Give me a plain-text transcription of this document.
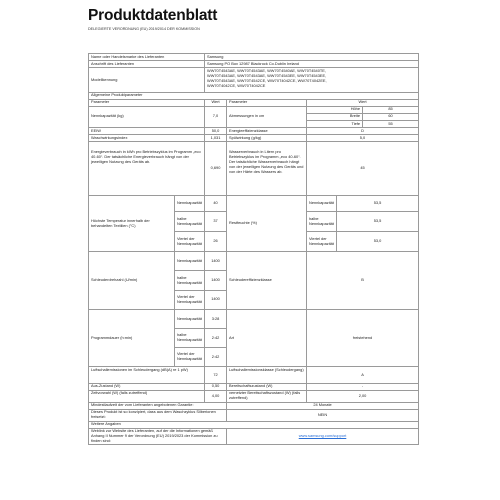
Produktdatenblatt
DELEGIERTE VERORDNUNG (EU) 2019/2014 DER KOMMISSION
Name oder Handelsmarke des Lieferanten	Samsung
Anschrift des Lieferanten	Samsung PO Box 12987 Blackrock Co.Dublin Ireland
Modellkennung	
WW70T4543AE, WW70T4543AE, WW70T4540AE, WW70T4540TE,
WW70T4543AE, WW70T4543AE, WW70T4543EE, WW70T4543EE,
WW70T4543AE, WW70T4542CE, WW70T4042CE, WW70T4042EE,
WW70T4042CE, WW70T4042CE

Allgemeine Produktparameter
Parameter	Wert	Parameter	Wert
Nennkapazität (kg)	7,0	Abmessungen in cm	
Höhe	85
Breite	60
Tiefe	55

EEIW	50,0	Energieeffizienzklasse	D
Waschwirkungsindex	1,031	Spülwirkung (g/kg)	5,0
Energieverbrauch in kWh pro Betriebszyklus im Programm „eco 40-60“. Der tatsächliche Energieverbrauch hängt von der jeweiligen Nutzung des Geräts ab.	0,690	Wasserverbrauch in Litern pro Betriebszyklus im Programm „eco 40-60“. Der tatsächliche Wasserverbrauch hängt von der jeweiligen Nutzung des Geräts und von der Härte des Wassers ab.	45
Höchste Temperatur innerhalb der behandelten Textilien (°C)	Nennkapazität	40	Restfeuchte (%)	Nennkapazität	53,5
halbe Nennkapazität	37	halbe Nennkapazität	53,5
Viertel der Nennkapazität	26	Viertel der Nennkapazität	53,0
Schleuderdrehzahl (U/min)	Nennkapazität	1400	Schleudereffizienzklasse	B
halbe Nennkapazität	1400
Viertel der Nennkapazität	1400
Programmdauer (h:min)	Nennkapazität	3:28	Art	freistehend
halbe Nennkapazität	2:42
Viertel der Nennkapazität	2:42
Luftschallemissionen im Schleudergang (dB(A) re 1 pW)	72	Luftschallemissionsklasse (Schleudergang)	A
Aus-Zustand (W)	0,50	Bereitschaftszustand (W)	-
Zeitvorwahl (W) (falls zutreffend)	4,00	vernetzter Bereitschaftszustand (W) (falls zutreffend)	2,00
Mindestlaufzeit der vom Lieferanten angebotenen Garantie:	24 Monate
Dieses Produkt ist so konzipiert, dass aus dem Waschzyklus Silberionen freisetzt:	NEIN
Weitere Angaben
Weblink zur Website des Lieferanten, auf der die Informationen gemäß Anhang II Nummer 9 der Verordnung (EU) 2019/2023 der Kommission zu finden sind:	www.samsung.com/support
